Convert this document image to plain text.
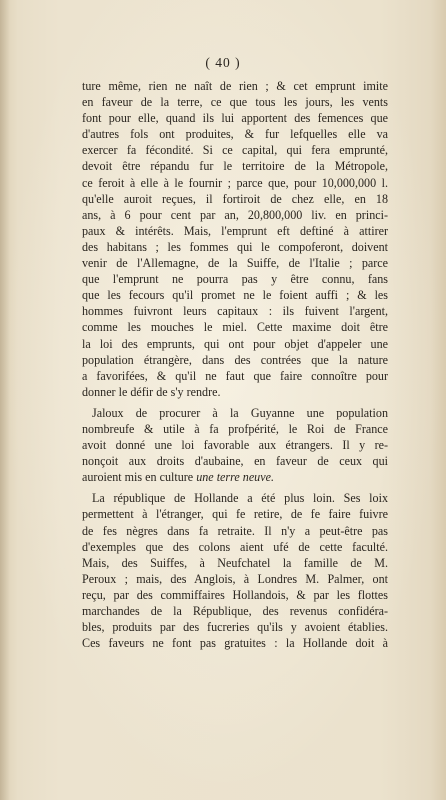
( 40 )
ture même, rien ne naît de rien ; & cet emprunt imite
en faveur de la terre, ce que tous les jours, les vents
font pour elle, quand ils lui apportent des femences que
d'autres fols ont produites, & fur lefquelles elle va
exercer fa fécondité. Si ce capital, qui fera emprunté,
devoit être répandu fur le territoire de la Métropole,
ce feroit à elle à le fournir ; parce que, pour 10,000,000 l.
qu'elle auroit reçues, il fortiroit de chez elle, en 18
ans, à 6 pour cent par an, 20,800,000 liv. en princi-
paux & intérêts. Mais, l'emprunt eft deftiné à attirer
des habitans ; les fommes qui le compoferont, doivent
venir de l'Allemagne, de la Suiffe, de l'Italie ; parce
que l'emprunt ne pourra pas y être connu, fans
que les fecours qu'il promet ne le foient auffi ; & les
hommes fuivront leurs capitaux : ils fuivent l'argent,
comme les mouches le miel. Cette maxime doit être
la loi des emprunts, qui ont pour objet d'appeler une
population étrangère, dans des contrées que la nature
a favorifées, & qu'il ne faut que faire connoître pour
donner le défir de s'y rendre.
Jaloux de procurer à la Guyanne une population
nombreufe & utile à fa profpérité, le Roi de France
avoit donné une loi favorable aux étrangers. Il y re-
nonçoit aux droits d'aubaine, en faveur de ceux qui
auroient mis en culture une terre neuve.
La république de Hollande a été plus loin. Ses loix
permettent à l'étranger, qui fe retire, de fe faire fuivre
de fes nègres dans fa retraite. Il n'y a peut-être pas
d'exemples que des colons aient ufé de cette faculté.
Mais, des Suiffes, à Neufchatel la famille de M.
Peroux ; mais, des Anglois, à Londres M. Palmer, ont
reçu, par des commiffaires Hollandois, & par les flottes
marchandes de la République, des revenus confidéra-
bles, produits par des fucreries qu'ils y avoient établies.
Ces faveurs ne font pas gratuites : la Hollande doit à
